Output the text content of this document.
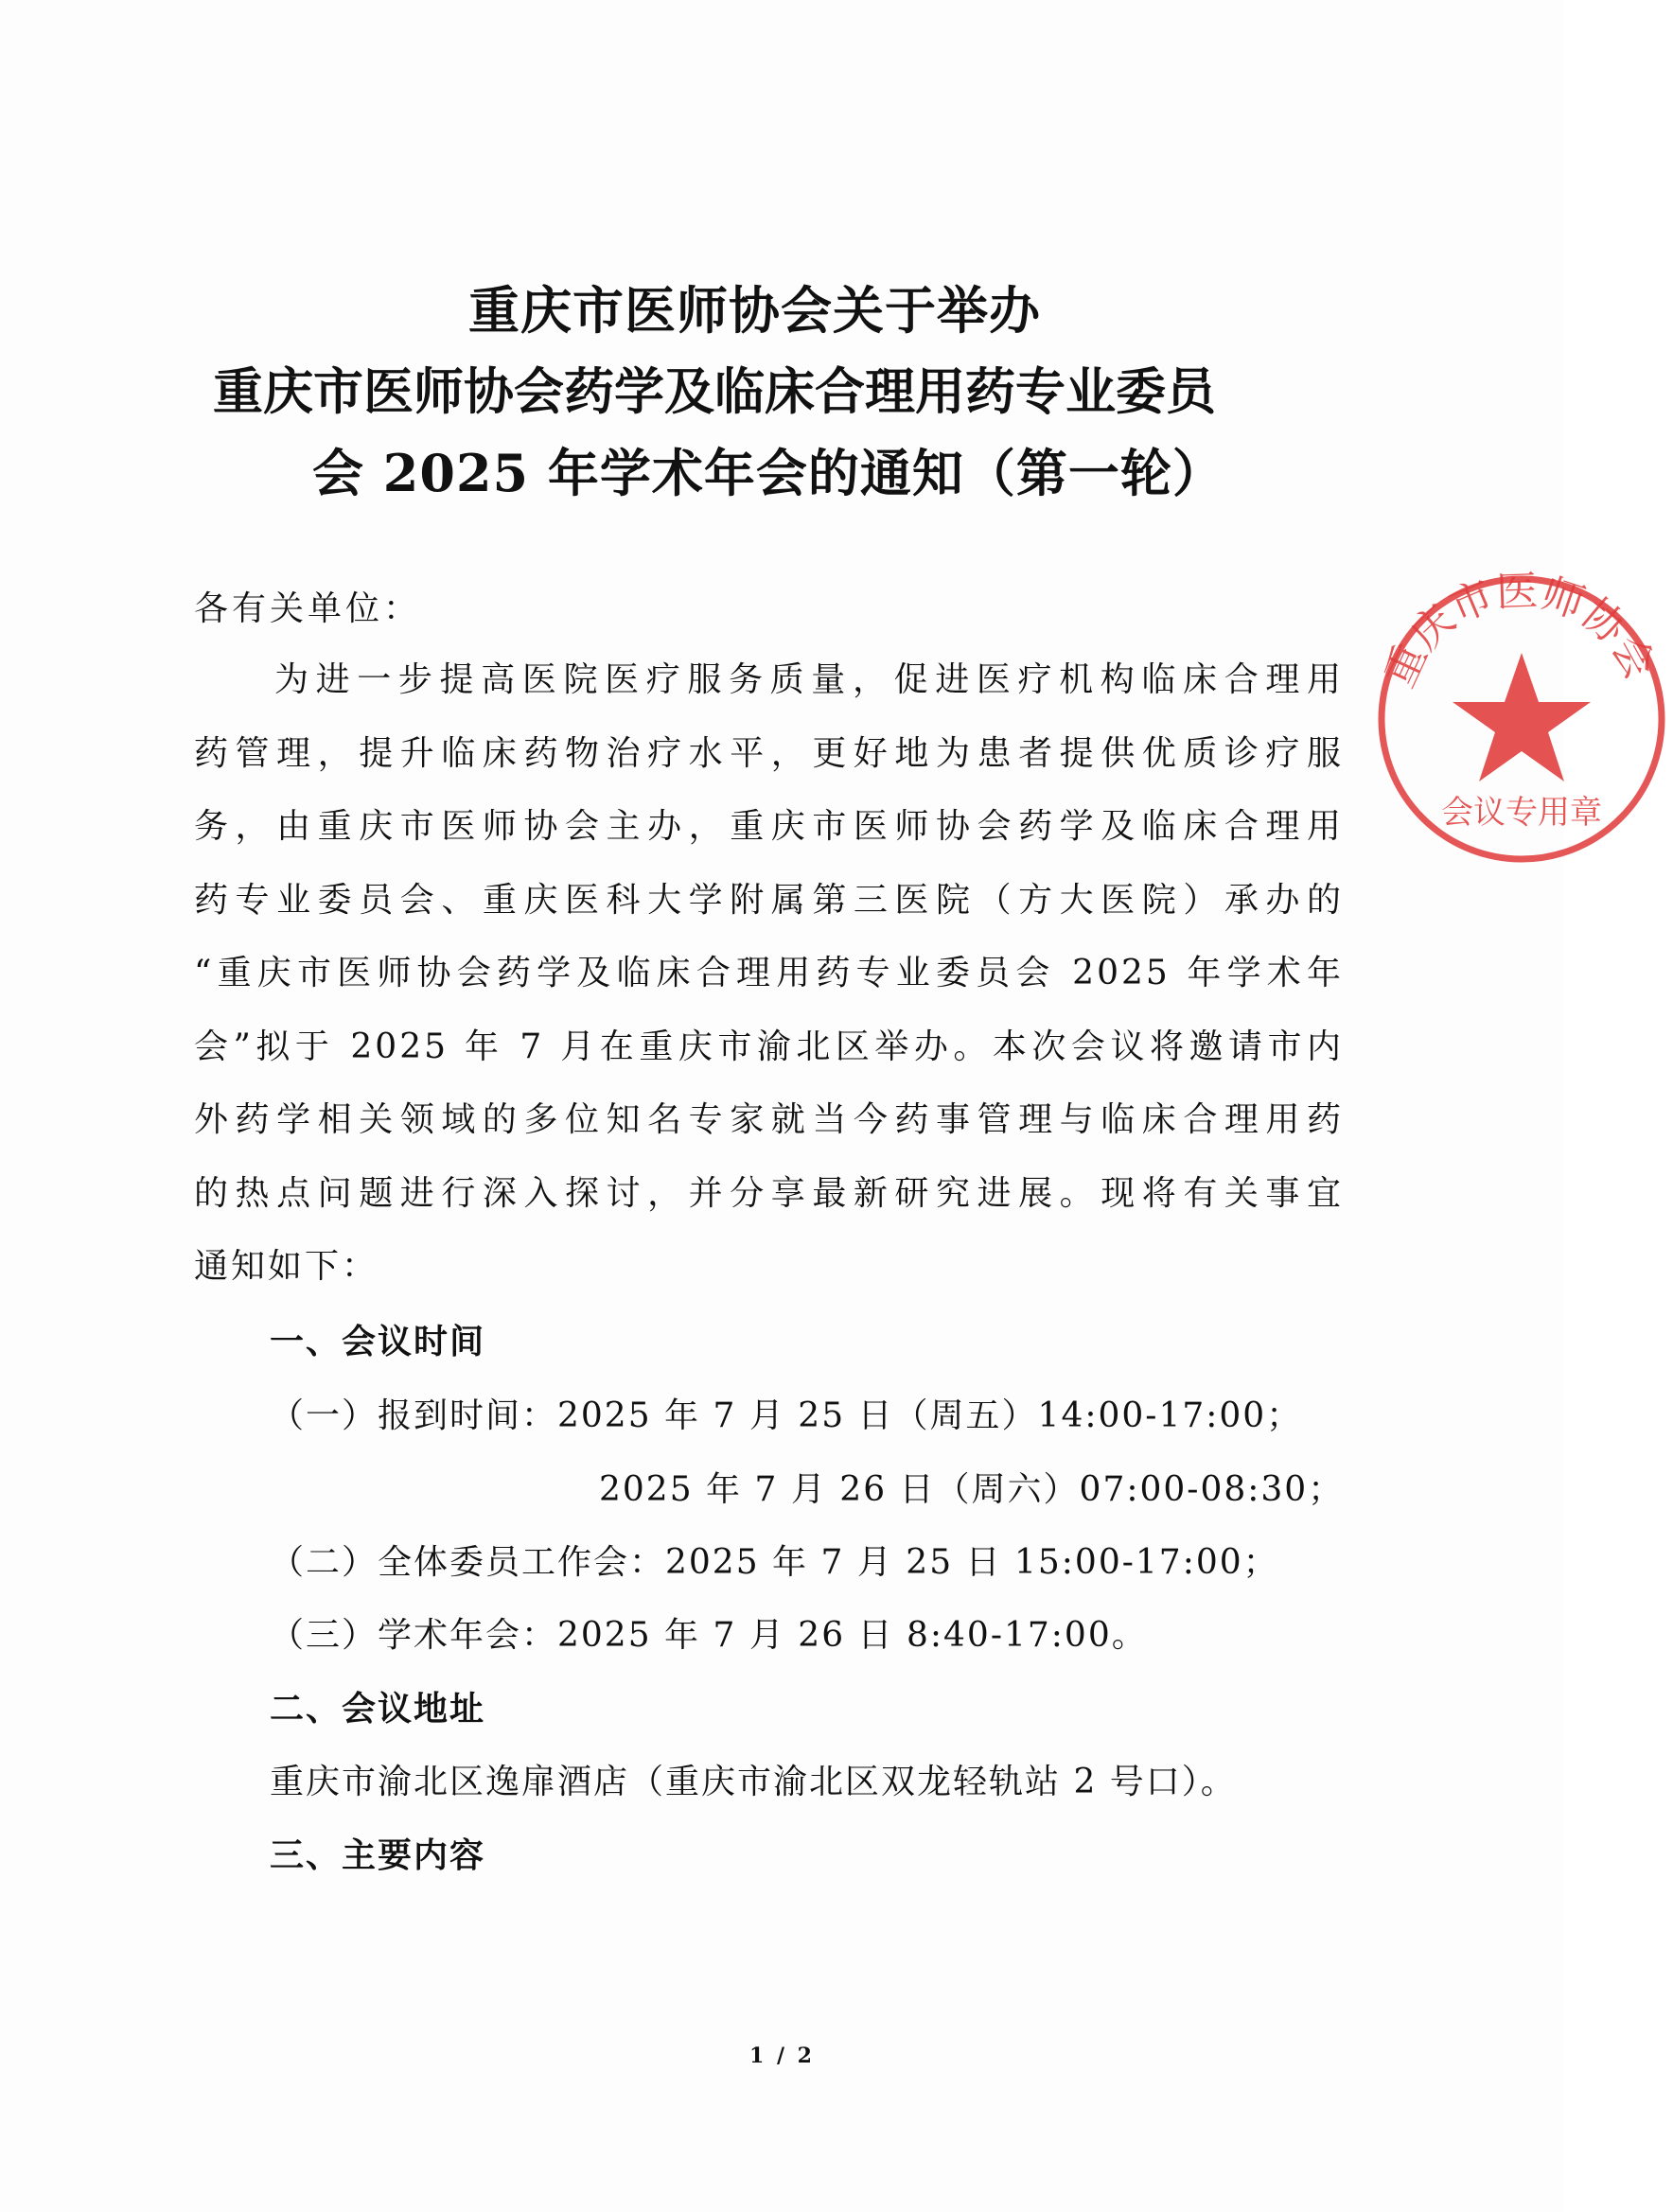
重庆市医师协会关于举办
重庆市医师协会药学及临床合理用药专业委员
会 2025 年学术年会的通知（第一轮）
各有关单位：
为进一步提高医院医疗服务质量，促进医疗机构临床合理用
药管理，提升临床药物治疗水平，更好地为患者提供优质诊疗服
务，由重庆市医师协会主办，重庆市医师协会药学及临床合理用
药专业委员会、重庆医科大学附属第三医院（方大医院）承办的
“重庆市医师协会药学及临床合理用药专业委员会 2025 年学术年
会”拟于 2025 年 7 月在重庆市渝北区举办。本次会议将邀请市内
外药学相关领域的多位知名专家就当今药事管理与临床合理用药
的热点问题进行深入探讨，并分享最新研究进展。现将有关事宜
通知如下：
一、会议时间
（一）报到时间：2025 年 7 月 25 日（周五）14:00-17:00；
2025 年 7 月 26 日（周六）07:00-08:30；
（二）全体委员工作会：2025 年 7 月 25 日 15:00-17:00；
（三）学术年会：2025 年 7 月 26 日 8:40-17:00。
二、会议地址
重庆市渝北区逸扉酒店（重庆市渝北区双龙轻轨站 2 号口）。
三、主要内容
1 / 2
重庆市医师协会
会议专用章
